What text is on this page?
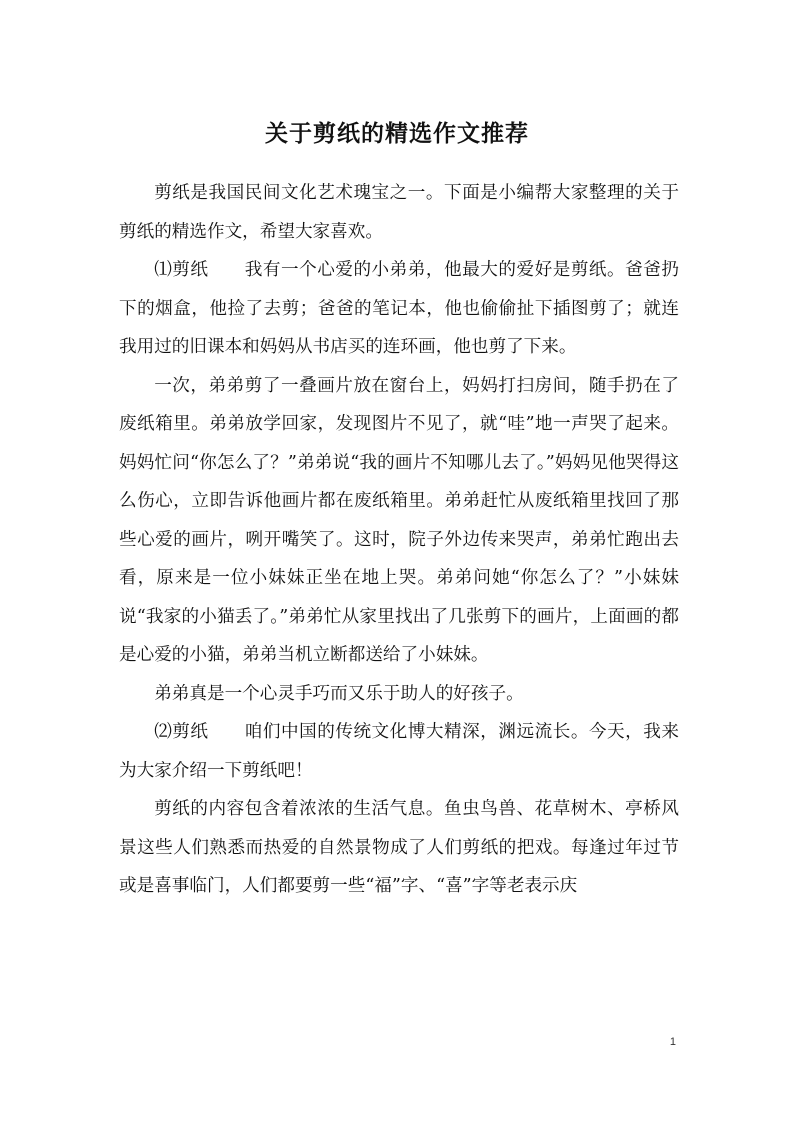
关于剪纸的精选作文推荐

剪纸是我国民间文化艺术瑰宝之一。下面是小编帮大家整理的关于剪纸的精选作文，希望大家喜欢。

⑴剪纸　　我有一个心爱的小弟弟，他最大的爱好是剪纸。爸爸扔下的烟盒，他捡了去剪；爸爸的笔记本，他也偷偷扯下插图剪了；就连我用过的旧课本和妈妈从书店买的连环画，他也剪了下来。

一次，弟弟剪了一叠画片放在窗台上，妈妈打扫房间，随手扔在了废纸箱里。弟弟放学回家，发现图片不见了，就“哇”地一声哭了起来。妈妈忙问“你怎么了？”弟弟说“我的画片不知哪儿去了。”妈妈见他哭得这么伤心，立即告诉他画片都在废纸箱里。弟弟赶忙从废纸箱里找回了那些心爱的画片，咧开嘴笑了。这时，院子外边传来哭声，弟弟忙跑出去看，原来是一位小妹妹正坐在地上哭。弟弟问她“你怎么了？”小妹妹说“我家的小猫丢了。”弟弟忙从家里找出了几张剪下的画片，上面画的都是心爱的小猫，弟弟当机立断都送给了小妹妹。

弟弟真是一个心灵手巧而又乐于助人的好孩子。

⑵剪纸　　咱们中国的传统文化博大精深，渊远流长。今天，我来为大家介绍一下剪纸吧！

剪纸的内容包含着浓浓的生活气息。鱼虫鸟兽、花草树木、亭桥风景这些人们熟悉而热爱的自然景物成了人们剪纸的把戏。每逢过年过节或是喜事临门，人们都要剪一些“福”字、“喜”字等老表示庆

1
